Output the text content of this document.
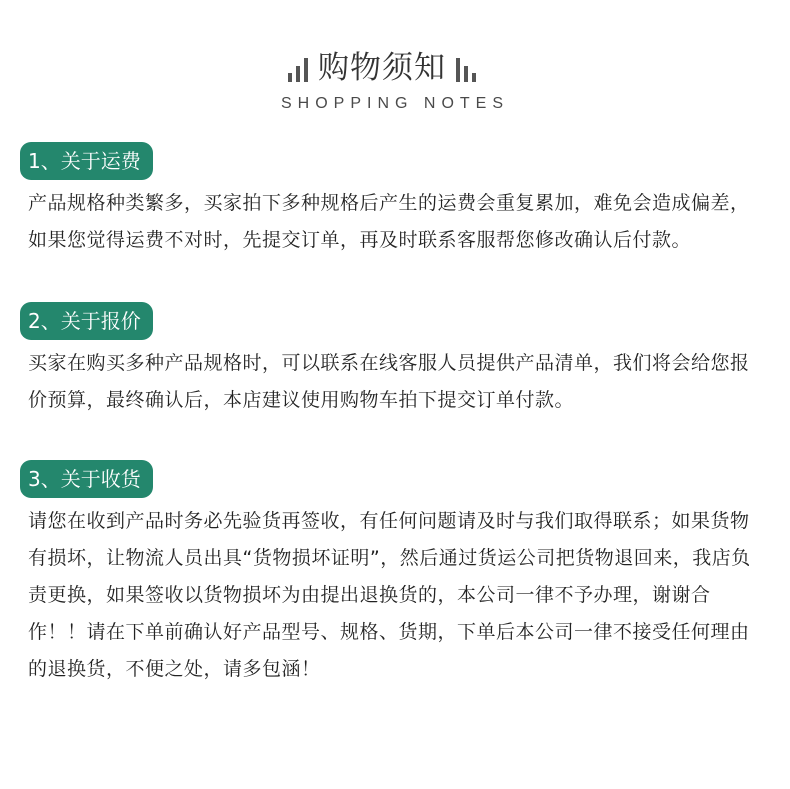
购物须知
SHOPPING NOTES
1、关于运费
产品规格种类繁多，买家拍下多种规格后产生的运费会重复累加，难免会造成偏差，如果您觉得运费不对时，先提交订单，再及时联系客服帮您修改确认后付款。
2、关于报价
买家在购买多种产品规格时，可以联系在线客服人员提供产品清单，我们将会给您报价预算，最终确认后，本店建议使用购物车拍下提交订单付款。
3、关于收货
请您在收到产品时务必先验货再签收，有任何问题请及时与我们取得联系；如果货物有损坏，让物流人员出具“货物损坏证明”，然后通过货运公司把货物退回来，我店负责更换，如果签收以货物损坏为由提出退换货的，本公司一律不予办理，谢谢合作！！请在下单前确认好产品型号、规格、货期，下单后本公司一律不接受任何理由的退换货，不便之处，请多包涵！
